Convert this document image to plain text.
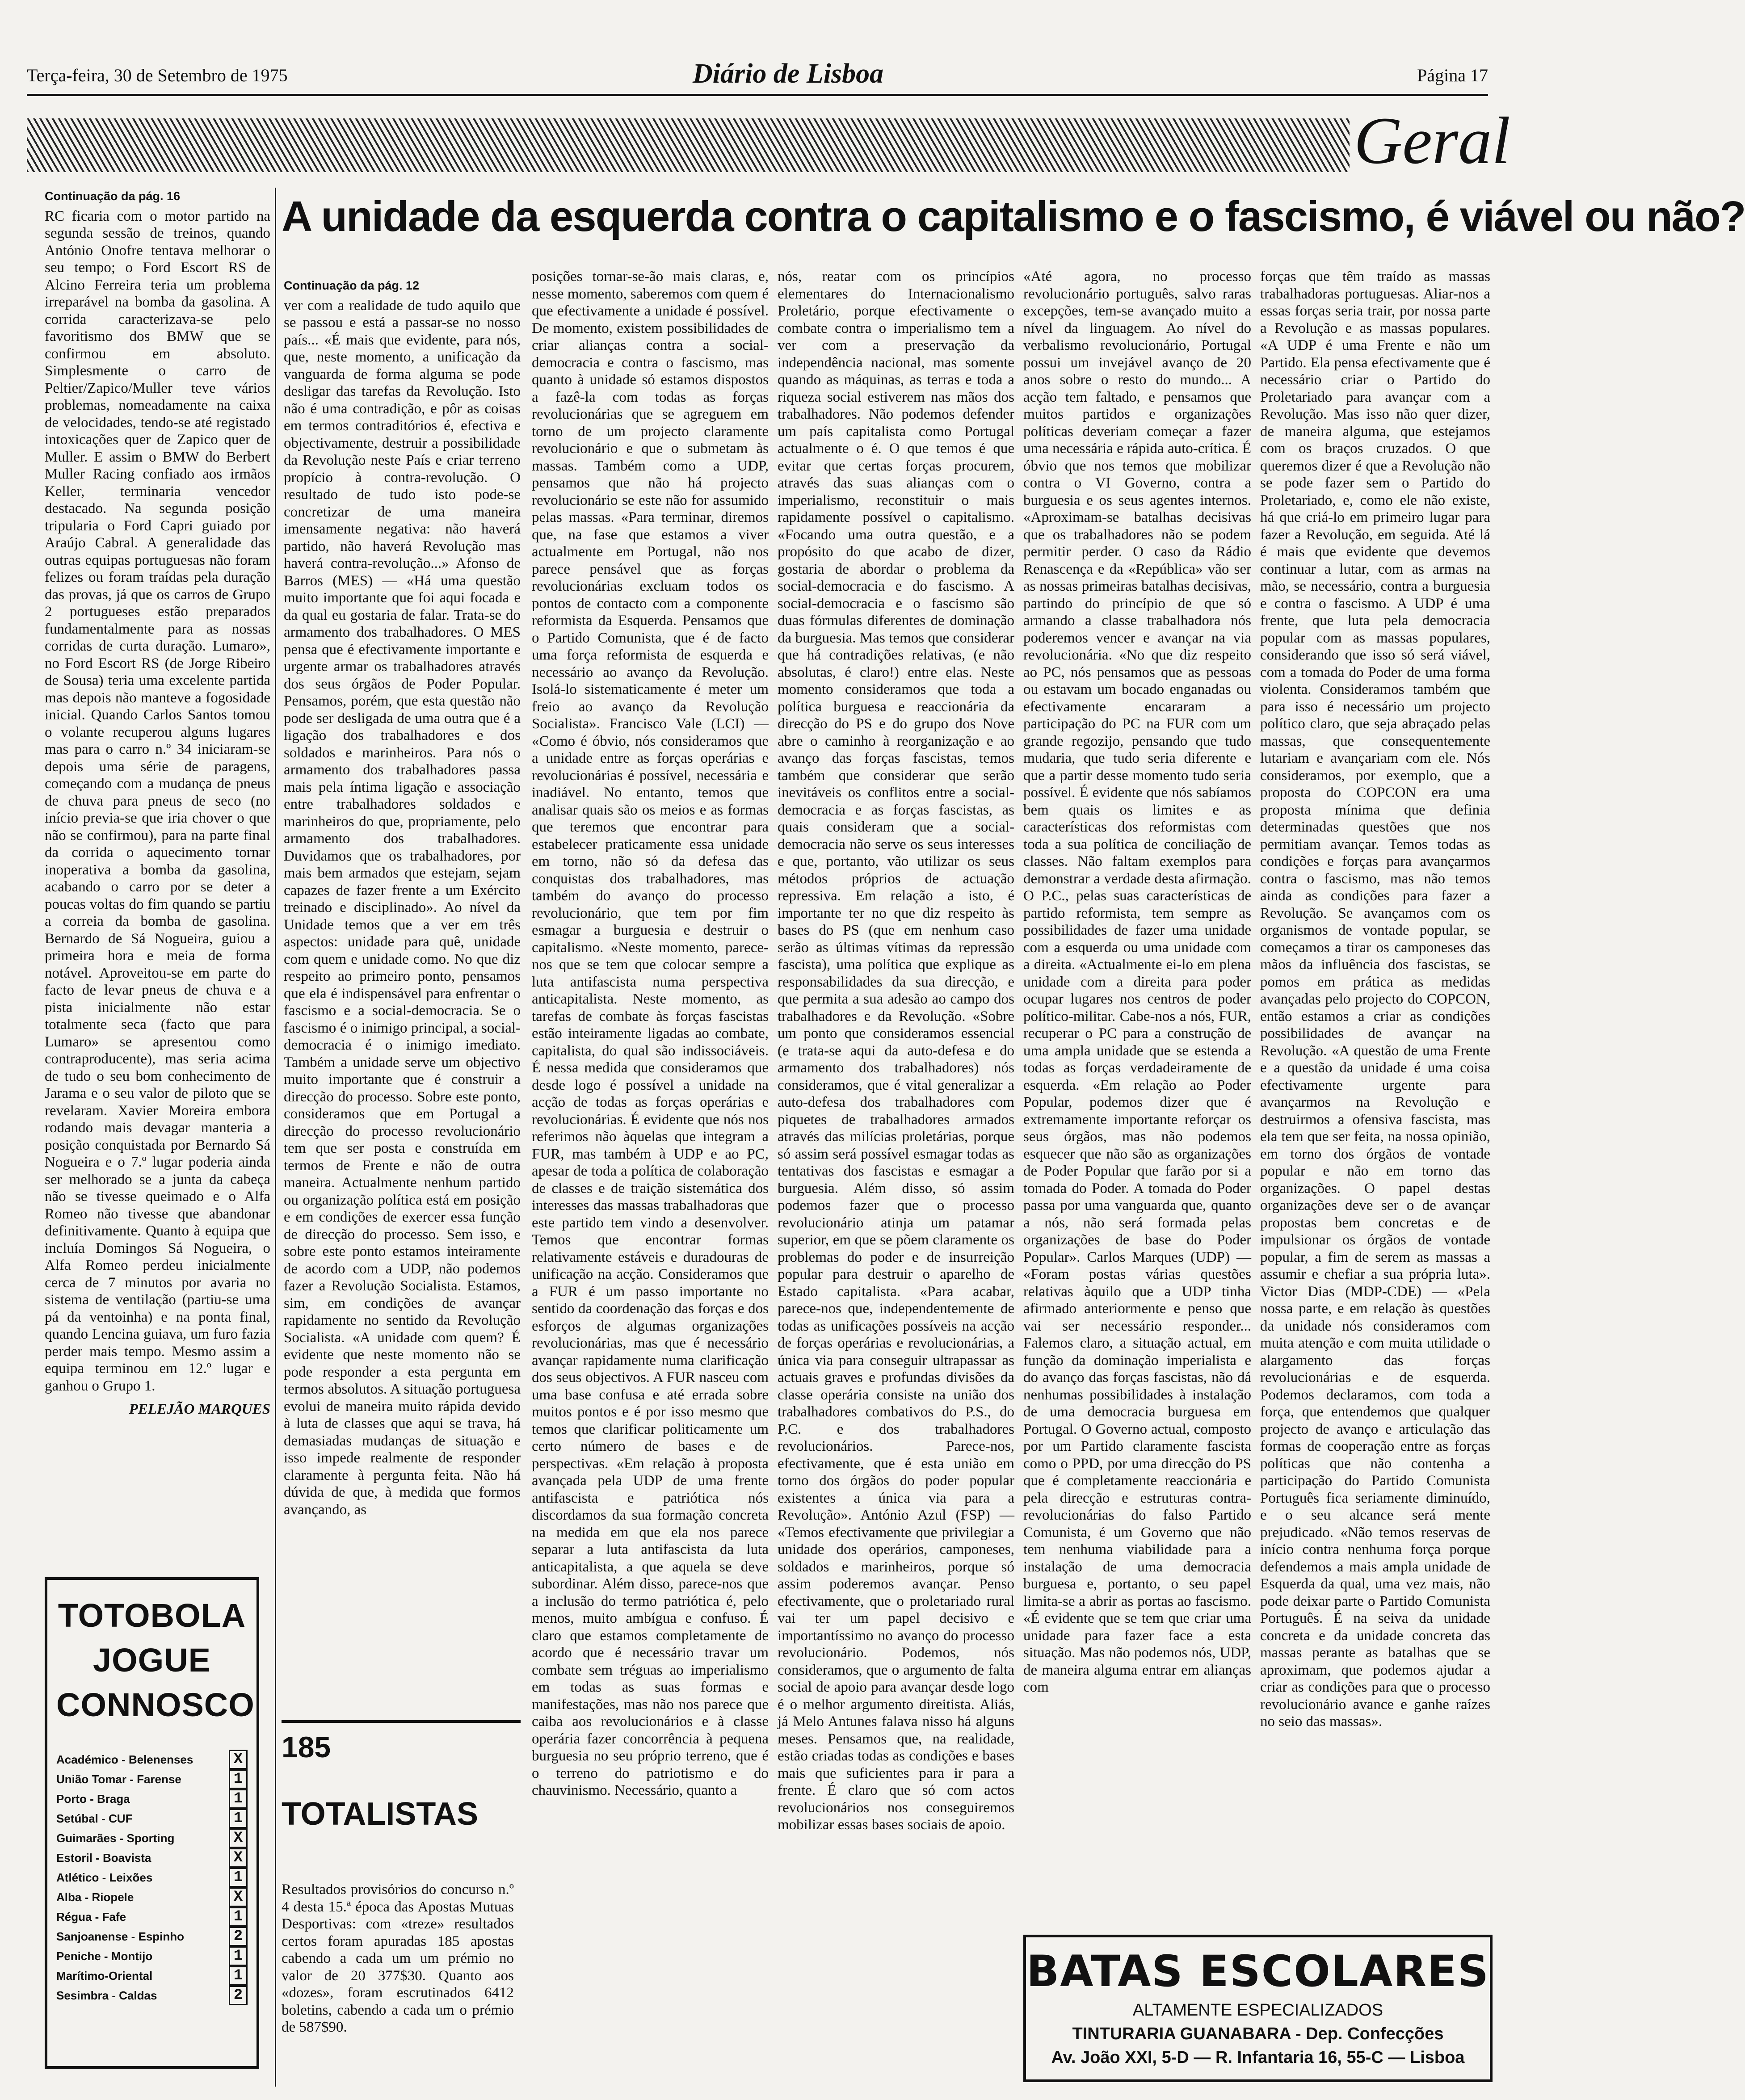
Terça-feira, 30 de Setembro de 1975	Diário de Lisboa	Página 17
Geral

Continuação da pág. 16

RC ficaria com o motor partido na segunda sessão de treinos, quando António Onofre tentava melhorar o seu tempo; o Ford Escort RS de Alcino Ferreira teria um problema irreparável na bomba da gasolina. A corrida caracterizava-se pelo favoritismo dos BMW que se confirmou em absoluto. Simplesmente o carro de Peltier/Zapico/Muller teve vários problemas, nomeadamente na caixa de velocidades, tendo-se até registado intoxicações quer de Zapico quer de Muller. E assim o BMW do Berbert Muller Racing confiado aos irmãos Keller, terminaria vencedor destacado. Na segunda posição tripularia o Ford Capri guiado por Araújo Cabral. A generalidade das outras equipas portuguesas não foram felizes ou foram traídas pela duração das provas, já que os carros de Grupo 2 portugueses estão preparados fundamentalmente para as nossas corridas de curta duração. Lumaro», no Ford Escort RS (de Jorge Ribeiro de Sousa) teria uma excelente partida mas depois não manteve a fogosidade inicial. Quando Carlos Santos tomou o volante recuperou alguns lugares mas para o carro n.º 34 iniciaram-se depois uma série de paragens, começando com a mudança de pneus de chuva para pneus de seco (no início previa-se que iria chover o que não se confirmou), para na parte final da corrida o aquecimento tornar inoperativa a bomba da gasolina, acabando o carro por se deter a poucas voltas do fim quando se partiu a correia da bomba de gasolina. Bernardo de Sá Nogueira, guiou a primeira hora e meia de forma notável. Aproveitou-se em parte do facto de levar pneus de chuva e a pista inicialmente não estar totalmente seca (facto que para Lumaro» se apresentou como contraproducente), mas seria acima de tudo o seu bom conhecimento de Jarama e o seu valor de piloto que se revelaram. Xavier Moreira embora rodando mais devagar manteria a posição conquistada por Bernardo Sá Nogueira e o 7.º lugar poderia ainda ser melhorado se a junta da cabeça não se tivesse queimado e o Alfa Romeo não tivesse que abandonar definitivamente. Quanto à equipa que incluía Domingos Sá Nogueira, o Alfa Romeo perdeu inicialmente cerca de 7 minutos por avaria no sistema de ventilação (partiu-se uma pá da ventoinha) e na ponta final, quando Lencina guiava, um furo fazia perder mais tempo. Mesmo assim a equipa terminou em 12.º lugar e ganhou o Grupo 1.

PELEJÃO MARQUES

A unidade da esquerda contra o capitalismo e o fascismo, é viável ou não?

Continuação da pág. 12

ver com a realidade de tudo aquilo que se passou e está a passar-se no nosso país... «É mais que evidente, para nós, que, neste momento, a unificação da vanguarda de forma alguma se pode desligar das tarefas da Revolução. Isto não é uma contradição, e pôr as coisas em termos contraditórios é, efectiva e objectivamente, destruir a possibilidade da Revolução neste País e criar terreno propício à contra-revolução. O resultado de tudo isto pode-se concretizar de uma maneira imensamente negativa: não haverá partido, não haverá Revolução mas haverá contra-revolução...» Afonso de Barros (MES) — «Há uma questão muito importante que foi aqui focada e da qual eu gostaria de falar. Trata-se do armamento dos trabalhadores. O MES pensa que é efectivamente importante e urgente armar os trabalhadores através dos seus órgãos de Poder Popular. Pensamos, porém, que esta questão não pode ser desligada de uma outra que é a ligação dos trabalhadores e dos soldados e marinheiros. Para nós o armamento dos trabalhadores passa mais pela íntima ligação e associação entre trabalhadores soldados e marinheiros do que, propriamente, pelo armamento dos trabalhadores. Duvidamos que os trabalhadores, por mais bem armados que estejam, sejam capazes de fazer frente a um Exército treinado e disciplinado». Ao nível da Unidade temos que a ver em três aspectos: unidade para quê, unidade com quem e unidade como. No que diz respeito ao primeiro ponto, pensamos que ela é indispensável para enfrentar o fascismo e a social-democracia. Se o fascismo é o inimigo principal, a social-democracia é o inimigo imediato. Também a unidade serve um objectivo muito importante que é construir a direcção do processo. Sobre este ponto, consideramos que em Portugal a direcção do processo revolucionário tem que ser posta e construída em termos de Frente e não de outra maneira. Actualmente nenhum partido ou organização política está em posição e em condições de exercer essa função de direcção do processo. Sem isso, e sobre este ponto estamos inteiramente de acordo com a UDP, não podemos fazer a Revolução Socialista. Estamos, sim, em condições de avançar rapidamente no sentido da Revolução Socialista. «A unidade com quem? É evidente que neste momento não se pode responder a esta pergunta em termos absolutos. A situação portuguesa evolui de maneira muito rápida devido à luta de classes que aqui se trava, há demasiadas mudanças de situação e isso impede realmente de responder claramente à pergunta feita. Não há dúvida de que, à medida que formos avançando, as

posições tornar-se-ão mais claras, e, nesse momento, saberemos com quem é que efectivamente a unidade é possível. De momento, existem possibilidades de criar alianças contra a social-democracia e contra o fascismo, mas quanto à unidade só estamos dispostos a fazê-la com todas as forças revolucionárias que se agreguem em torno de um projecto claramente revolucionário e que o submetam às massas. Também como a UDP, pensamos que não há projecto revolucionário se este não for assumido pelas massas. «Para terminar, diremos que, na fase que estamos a viver actualmente em Portugal, não nos parece pensável que as forças revolucionárias excluam todos os pontos de contacto com a componente reformista da Esquerda. Pensamos que o Partido Comunista, que é de facto uma força reformista de esquerda e necessário ao avanço da Revolução. Isolá-lo sistematicamente é meter um freio ao avanço da Revolução Socialista». Francisco Vale (LCI) — «Como é óbvio, nós consideramos que a unidade entre as forças operárias e revolucionárias é possível, necessária e inadiável. No entanto, temos que analisar quais são os meios e as formas que teremos que encontrar para estabelecer praticamente essa unidade em torno, não só da defesa das conquistas dos trabalhadores, mas também do avanço do processo revolucionário, que tem por fim esmagar a burguesia e destruir o capitalismo. «Neste momento, parece-nos que se tem que colocar sempre a luta antifascista numa perspectiva anticapitalista. Neste momento, as tarefas de combate às forças fascistas estão inteiramente ligadas ao combate, capitalista, do qual são indissociáveis. É nessa medida que consideramos que desde logo é possível a unidade na acção de todas as forças operárias e revolucionárias. É evidente que nós nos referimos não àquelas que integram a FUR, mas também à UDP e ao PC, apesar de toda a política de colaboração de classes e de traição sistemática dos interesses das massas trabalhadoras que este partido tem vindo a desenvolver. Temos que encontrar formas relativamente estáveis e duradouras de unificação na acção. Consideramos que a FUR é um passo importante no sentido da coordenação das forças e dos esforços de algumas organizações revolucionárias, mas que é necessário avançar rapidamente numa clarificação dos seus objectivos. A FUR nasceu com uma base confusa e até errada sobre muitos pontos e é por isso mesmo que temos que clarificar politicamente um certo número de bases e de perspectivas. «Em relação à proposta avançada pela UDP de uma frente antifascista e patriótica nós discordamos da sua formação concreta na medida em que ela nos parece separar a luta antifascista da luta anticapitalista, a que aquela se deve subordinar. Além disso, parece-nos que a inclusão do termo patriótica é, pelo menos, muito ambígua e confuso. É claro que estamos completamente de acordo que é necessário travar um combate sem tréguas ao imperialismo em todas as suas formas e manifestações, mas não nos parece que caiba aos revolucionários e à classe operária fazer concorrência à pequena burguesia no seu próprio terreno, que é o terreno do patriotismo e do chauvinismo. Necessário, quanto a

nós, reatar com os princípios elementares do Internacionalismo Proletário, porque efectivamente o combate contra o imperialismo tem a ver com a preservação da independência nacional, mas somente quando as máquinas, as terras e toda a riqueza social estiverem nas mãos dos trabalhadores. Não podemos defender um país capitalista como Portugal actualmente o é. O que temos é que evitar que certas forças procurem, através das suas alianças com o imperialismo, reconstituir o mais rapidamente possível o capitalismo. «Focando uma outra questão, e a propósito do que acabo de dizer, gostaria de abordar o problema da social-democracia e do fascismo. A social-democracia e o fascismo são duas fórmulas diferentes de dominação da burguesia. Mas temos que considerar que há contradições relativas, (e não absolutas, é claro!) entre elas. Neste momento consideramos que toda a política burguesa e reaccionária da direcção do PS e do grupo dos Nove abre o caminho à reorganização e ao avanço das forças fascistas, temos também que considerar que serão inevitáveis os conflitos entre a social-democracia e as forças fascistas, as quais consideram que a social-democracia não serve os seus interesses e que, portanto, vão utilizar os seus métodos próprios de actuação repressiva. Em relação a isto, é importante ter no que diz respeito às bases do PS (que em nenhum caso serão as últimas vítimas da repressão fascista), uma política que explique as responsabilidades da sua direcção, e que permita a sua adesão ao campo dos trabalhadores e da Revolução. «Sobre um ponto que consideramos essencial (e trata-se aqui da auto-defesa e do armamento dos trabalhadores) nós consideramos, que é vital generalizar a auto-defesa dos trabalhadores com piquetes de trabalhadores armados através das milícias proletárias, porque só assim será possível esmagar todas as tentativas dos fascistas e esmagar a burguesia. Além disso, só assim podemos fazer que o processo revolucionário atinja um patamar superior, em que se põem claramente os problemas do poder e de insurreição popular para destruir o aparelho de Estado capitalista. «Para acabar, parece-nos que, independentemente de todas as unificações possíveis na acção de forças operárias e revolucionárias, a única via para conseguir ultrapassar as actuais graves e profundas divisões da classe operária consiste na união dos trabalhadores combativos do P.S., do P.C. e dos trabalhadores revolucionários. Parece-nos, efectivamente, que é esta união em torno dos órgãos do poder popular existentes a única via para a Revolução». António Azul (FSP) — «Temos efectivamente que privilegiar a unidade dos operários, camponeses, soldados e marinheiros, porque só assim poderemos avançar. Penso efectivamente, que o proletariado rural vai ter um papel decisivo e importantíssimo no avanço do processo revolucionário. Podemos, nós consideramos, que o argumento de falta social de apoio para avançar desde logo é o melhor argumento direitista. Aliás, já Melo Antunes falava nisso há alguns meses. Pensamos que, na realidade, estão criadas todas as condições e bases mais que suficientes para ir para a frente. É claro que só com actos revolucionários nos conseguiremos mobilizar essas bases sociais de apoio.

«Até agora, no processo revolucionário português, salvo raras excepções, tem-se avançado muito a nível da linguagem. Ao nível do verbalismo revolucionário, Portugal possui um invejável avanço de 20 anos sobre o resto do mundo... A acção tem faltado, e pensamos que muitos partidos e organizações políticas deveriam começar a fazer uma necessária e rápida auto-crítica. É óbvio que nos temos que mobilizar contra o VI Governo, contra a burguesia e os seus agentes internos. «Aproximam-se batalhas decisivas que os trabalhadores não se podem permitir perder. O caso da Rádio Renascença e da «República» vão ser as nossas primeiras batalhas decisivas, partindo do princípio de que só armando a classe trabalhadora nós poderemos vencer e avançar na via revolucionária. «No que diz respeito ao PC, nós pensamos que as pessoas ou estavam um bocado enganadas ou efectivamente encararam a participação do PC na FUR com um grande regozijo, pensando que tudo mudaria, que tudo seria diferente e que a partir desse momento tudo seria possível. É evidente que nós sabíamos bem quais os limites e as características dos reformistas com toda a sua política de conciliação de classes. Não faltam exemplos para demonstrar a verdade desta afirmação. O P.C., pelas suas características de partido reformista, tem sempre as possibilidades de fazer uma unidade com a esquerda ou uma unidade com a direita. «Actualmente ei-lo em plena unidade com a direita para poder ocupar lugares nos centros de poder político-militar. Cabe-nos a nós, FUR, recuperar o PC para a construção de uma ampla unidade que se estenda a todas as forças verdadeiramente de esquerda. «Em relação ao Poder Popular, podemos dizer que é extremamente importante reforçar os seus órgãos, mas não podemos esquecer que não são as organizações de Poder Popular que farão por si a tomada do Poder. A tomada do Poder passa por uma vanguarda que, quanto a nós, não será formada pelas organizações de base do Poder Popular». Carlos Marques (UDP) — «Foram postas várias questões relativas àquilo que a UDP tinha afirmado anteriormente e penso que vai ser necessário responder... Falemos claro, a situação actual, em função da dominação imperialista e do avanço das forças fascistas, não dá nenhumas possibilidades à instalação de uma democracia burguesa em Portugal. O Governo actual, composto por um Partido claramente fascista como o PPD, por uma direcção do PS que é completamente reaccionária e pela direcção e estruturas contra-revolucionárias do falso Partido Comunista, é um Governo que não tem nenhuma viabilidade para a instalação de uma democracia burguesa e, portanto, o seu papel limita-se a abrir as portas ao fascismo. «É evidente que se tem que criar uma unidade para fazer face a esta situação. Mas não podemos nós, UDP, de maneira alguma entrar em alianças com

forças que têm traído as massas trabalhadoras portuguesas. Aliar-nos a essas forças seria trair, por nossa parte a Revolução e as massas populares. «A UDP é uma Frente e não um Partido. Ela pensa efectivamente que é necessário criar o Partido do Proletariado para avançar com a Revolução. Mas isso não quer dizer, de maneira alguma, que estejamos com os braços cruzados. O que queremos dizer é que a Revolução não se pode fazer sem o Partido do Proletariado, e, como ele não existe, há que criá-lo em primeiro lugar para fazer a Revolução, em seguida. Até lá é mais que evidente que devemos continuar a lutar, com as armas na mão, se necessário, contra a burguesia e contra o fascismo. A UDP é uma frente, que luta pela democracia popular com as massas populares, considerando que isso só será viável, com a tomada do Poder de uma forma violenta. Consideramos também que para isso é necessário um projecto político claro, que seja abraçado pelas massas, que consequentemente lutariam e avançariam com ele. Nós consideramos, por exemplo, que a proposta do COPCON era uma proposta mínima que definia determinadas questões que nos permitiam avançar. Temos todas as condições e forças para avançarmos contra o fascismo, mas não temos ainda as condições para fazer a Revolução. Se avançamos com os organismos de vontade popular, se começamos a tirar os camponeses das mãos da influência dos fascistas, se pomos em prática as medidas avançadas pelo projecto do COPCON, então estamos a criar as condições possibilidades de avançar na Revolução. «A questão de uma Frente e a questão da unidade é uma coisa efectivamente urgente para avançarmos na Revolução e destruirmos a ofensiva fascista, mas ela tem que ser feita, na nossa opinião, em torno dos órgãos de vontade popular e não em torno das organizações. O papel destas organizações deve ser o de avançar propostas bem concretas e de impulsionar os órgãos de vontade popular, a fim de serem as massas a assumir e chefiar a sua própria luta». Victor Dias (MDP-CDE) — «Pela nossa parte, e em relação às questões da unidade nós consideramos com muita atenção e com muita utilidade o alargamento das forças revolucionárias e de esquerda. Podemos declaramos, com toda a força, que entendemos que qualquer projecto de avanço e articulação das formas de cooperação entre as forças políticas que não contenha a participação do Partido Comunista Português fica seriamente diminuído, e o seu alcance será mente prejudicado. «Não temos reservas de início contra nenhuma força porque defendemos a mais ampla unidade de Esquerda da qual, uma vez mais, não pode deixar parte o Partido Comunista Português. É na seiva da unidade concreta e da unidade concreta das massas perante as batalhas que se aproximam, que podemos ajudar a criar as condições para que o processo revolucionário avance e ganhe raízes no seio das massas».

TOTOBOLA
JOGUE
CONNOSCO
Académico - Belenenses	X
União Tomar - Farense	1
Porto - Braga	1
Setúbal - CUF	1
Guimarães - Sporting	X
Estoril - Boavista	X
Atlético - Leixões	1
Alba - Riopele	X
Régua - Fafe	1
Sanjoanense - Espinho	2
Peniche - Montijo	1
Marítimo-Oriental	1
Sesimbra - Caldas	2
185
TOTALISTAS
Resultados provisórios do concurso n.º 4 desta 15.ª época das Apostas Mutuas Desportivas: com «treze» resultados certos foram apuradas 185 apostas cabendo a cada um um prémio no valor de 20 377$30. Quanto aos «dozes», foram escrutinados 6412 boletins, cabendo a cada um o prémio de 587$90.
BATAS ESCOLARES
ALTAMENTE ESPECIALIZADOS
TINTURARIA GUANABARA - Dep. Confecções
Av. João XXI, 5-D — R. Infantaria 16, 55-C — Lisboa
